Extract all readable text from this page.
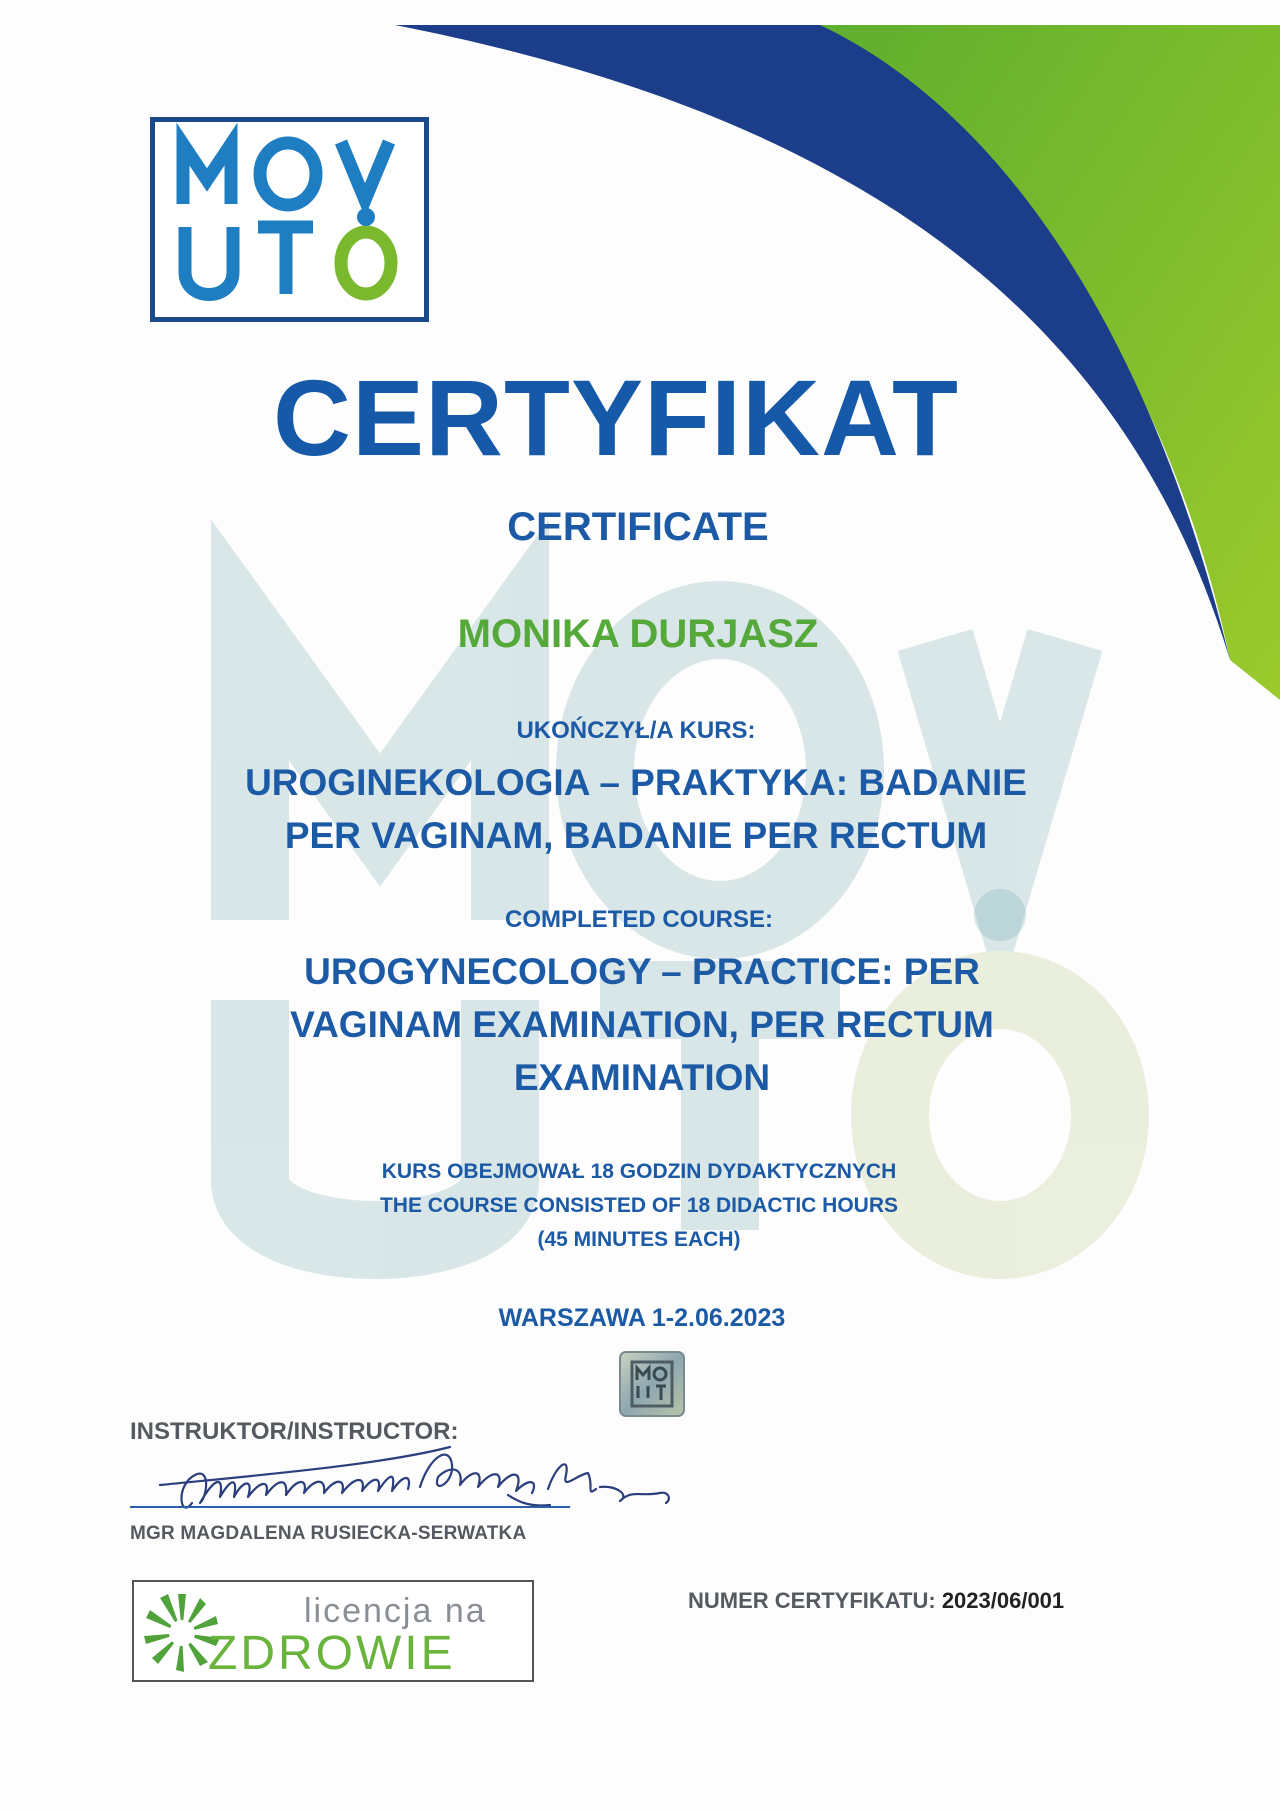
CERTYFIKAT
CERTIFICATE
MONIKA DURJASZ
UKOŃCZYŁ/A KURS:
UROGINEKOLOGIA – PRAKTYKA: BADANIE
PER VAGINAM, BADANIE PER RECTUM
COMPLETED COURSE:
UROGYNECOLOGY – PRACTICE: PER
VAGINAM EXAMINATION, PER RECTUM
EXAMINATION
KURS OBEJMOWAŁ 18 GODZIN DYDAKTYCZNYCH
THE COURSE CONSISTED OF 18 DIDACTIC HOURS
(45 MINUTES EACH)
WARSZAWA 1-2.06.2023
INSTRUKTOR/INSTRUCTOR:
MGR MAGDALENA RUSIECKA-SERWATKA
licencja na
ZDROWIE
NUMER CERTYFIKATU: 2023/06/001
